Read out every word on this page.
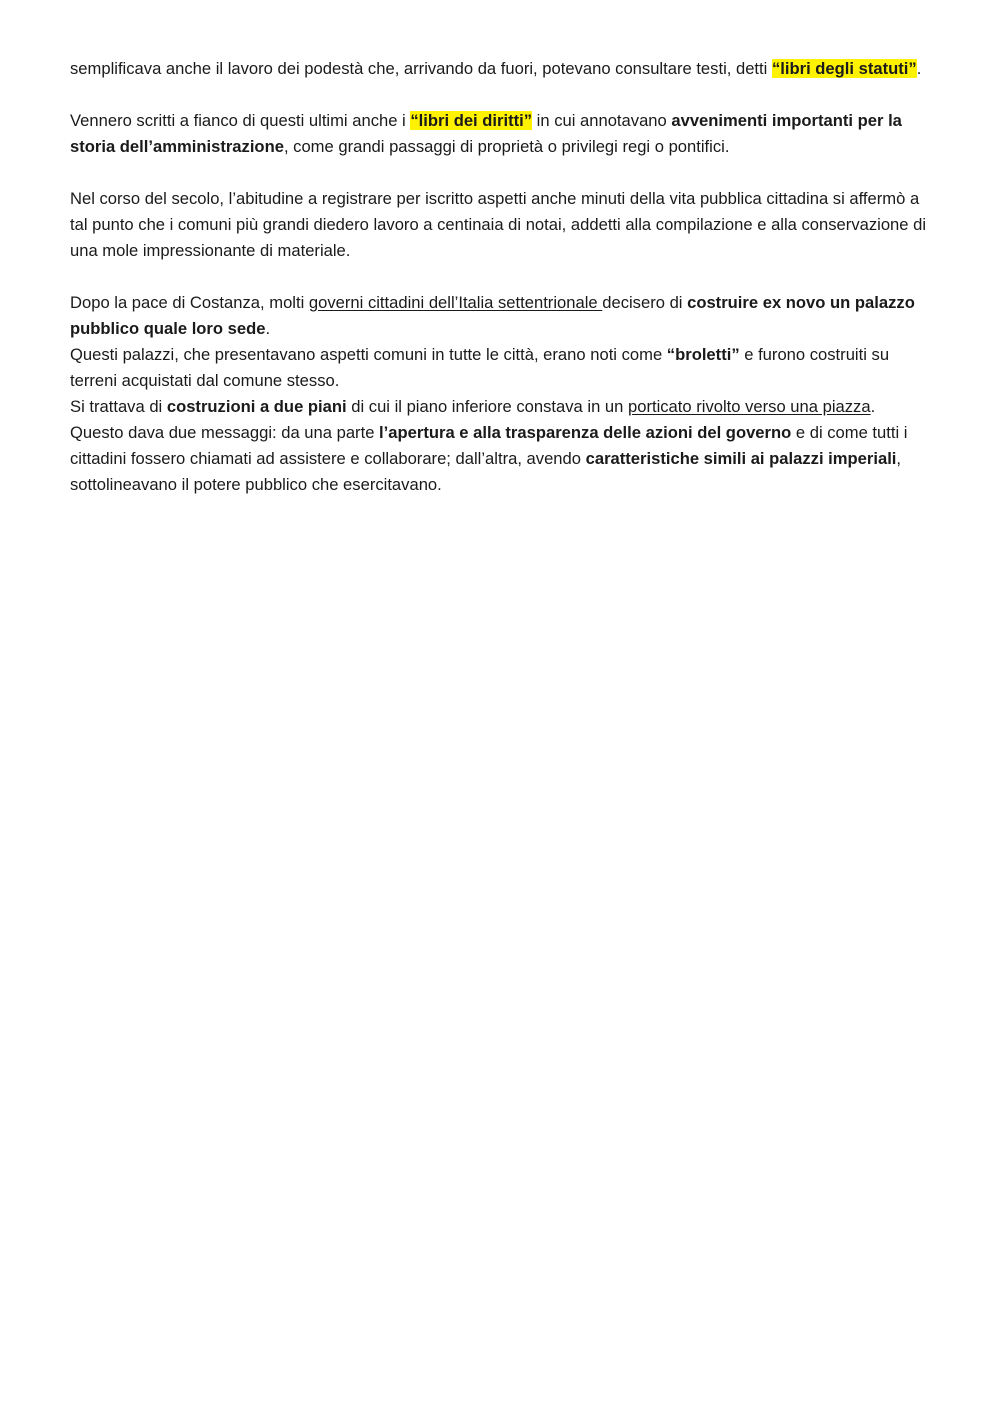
semplificava anche il lavoro dei podestà che, arrivando da fuori, potevano consultare testi, detti “libri degli statuti”.

Vennero scritti a fianco di questi ultimi anche i “libri dei diritti” in cui annotavano avvenimenti importanti per la storia dell’amministrazione, come grandi passaggi di proprietà o privilegi regi o pontifici.

Nel corso del secolo, l’abitudine a registrare per iscritto aspetti anche minuti della vita pubblica cittadina si affermò a tal punto che i comuni più grandi diedero lavoro a centinaia di notai, addetti alla compilazione e alla conservazione di una mole impressionante di materiale.

Dopo la pace di Costanza, molti governi cittadini dell’Italia settentrionale decisero di costruire ex novo un palazzo pubblico quale loro sede.

Questi palazzi, che presentavano aspetti comuni in tutte le città, erano noti come “broletti” e furono costruiti su terreni acquistati dal comune stesso.

Si trattava di costruzioni a due piani di cui il piano inferiore constava in un porticato rivolto verso una piazza.

Questo dava due messaggi: da una parte l’apertura e alla trasparenza delle azioni del governo e di come tutti i cittadini fossero chiamati ad assistere e collaborare; dall’altra, avendo caratteristiche simili ai palazzi imperiali, sottolineavano il potere pubblico che esercitavano.
